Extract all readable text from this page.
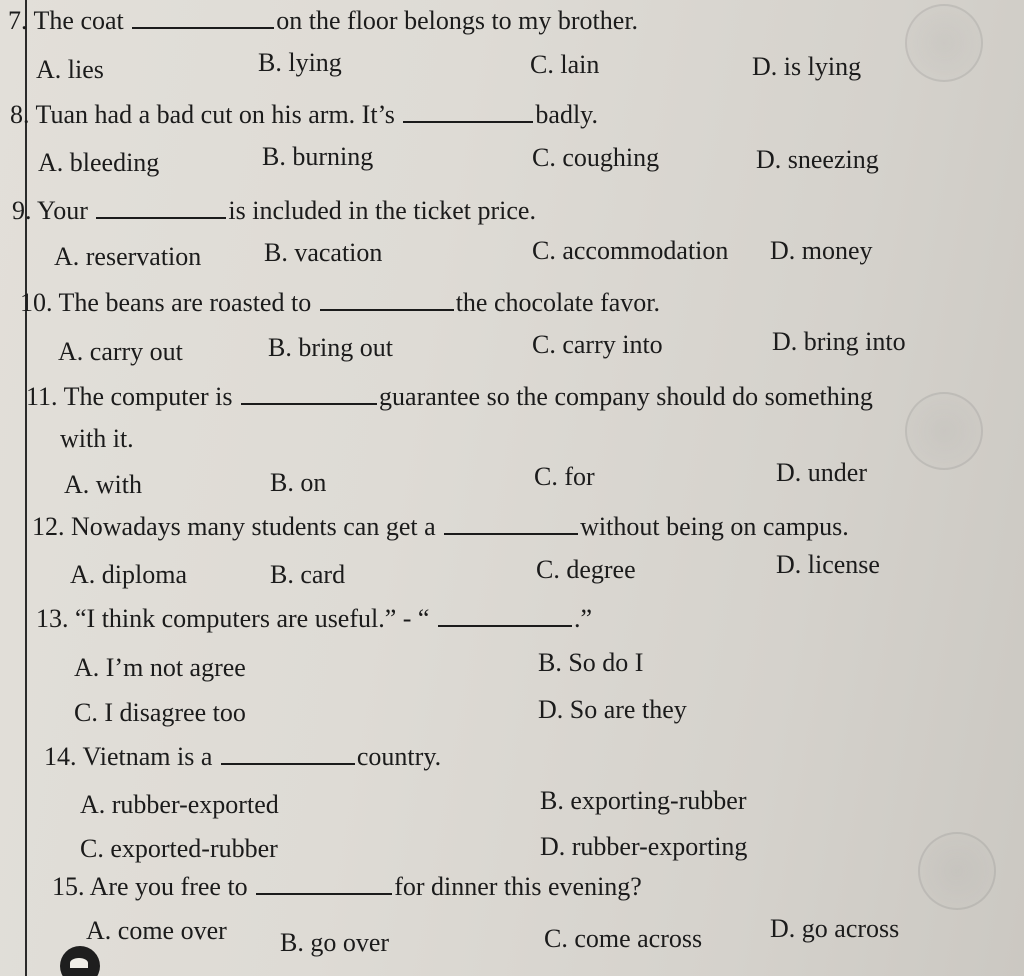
7. The coat	on the floor belongs to my brother.
A. lies	B. lying	C. lain	D. is lying
8. Tuan had a bad cut on his arm. It’s	badly.
A. bleeding	B. burning	C. coughing	D. sneezing
9. Your	is included in the ticket price.
A. reservation B. vacation	C. accommodation D. money
10. The beans are roasted to	the chocolate favor.
A. carry out	B. bring out	C. carry into	D. bring into
11. The computer is	guarantee so the company should do something
with it.
A. with	B. on	C. for	D. under
12. Nowadays many students can get a	without being on campus.
A. diploma	B. card	C. degree	D. license
13. “I think computers are useful.” - “	.”
A. I’m not agree	B. So do I
C. I disagree too	D. So are they
14. Vietnam is a	country.
A. rubber-exported	B. exporting-rubber
C. exported-rubber	D. rubber-exporting
15. Are you free to	for dinner this evening?
A. come over B. go over	C. come across	D. go across
